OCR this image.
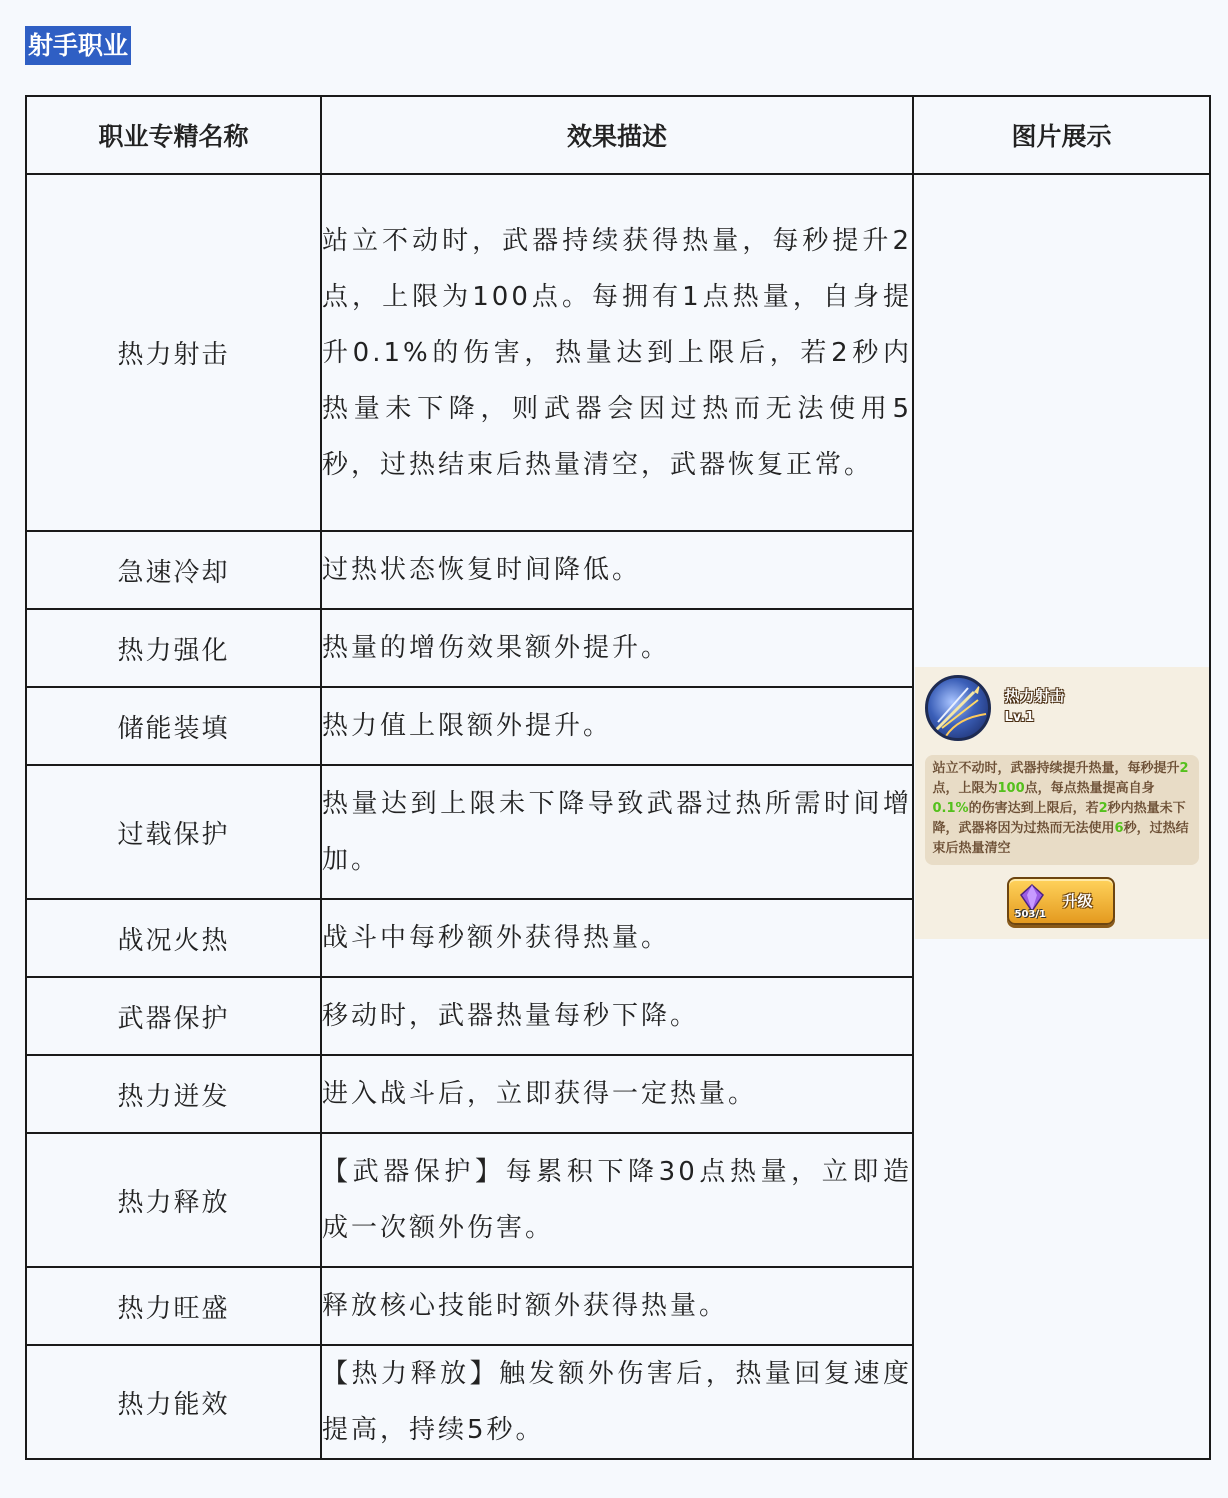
射手职业
职业专精名称	效果描述	图片展示
热力射击	站立不动时，武器持续获得热量，每秒提升2点，上限为100点。每拥有1点热量，自身提升0.1%的伤害，热量达到上限后，若2秒内热量未下降，则武器会因过热而无法使用5秒，过热结束后热量清空，武器恢复正常。	热力射击
Lv.1
站立不动时，武器持续提升热量，每秒提升2点，上限为100点，每点热量提高自身0.1%的伤害达到上限后，若2秒内热量未下降，武器将因为过热而无法使用6秒，过热结束后热量清空
503/1
升级

急速冷却	过热状态恢复时间降低。	
热力强化	热量的增伤效果额外提升。	
储能装填	热力值上限额外提升。	
过载保护	热量达到上限未下降导致武器过热所需时间增加。	
战况火热	战斗中每秒额外获得热量。	
武器保护	移动时，武器热量每秒下降。	
热力迸发	进入战斗后，立即获得一定热量。	
热力释放	【武器保护】每累积下降30点热量，立即造成一次额外伤害。	
热力旺盛	释放核心技能时额外获得热量。	
热力能效	【热力释放】触发额外伤害后，热量回复速度提高，持续5秒。	
